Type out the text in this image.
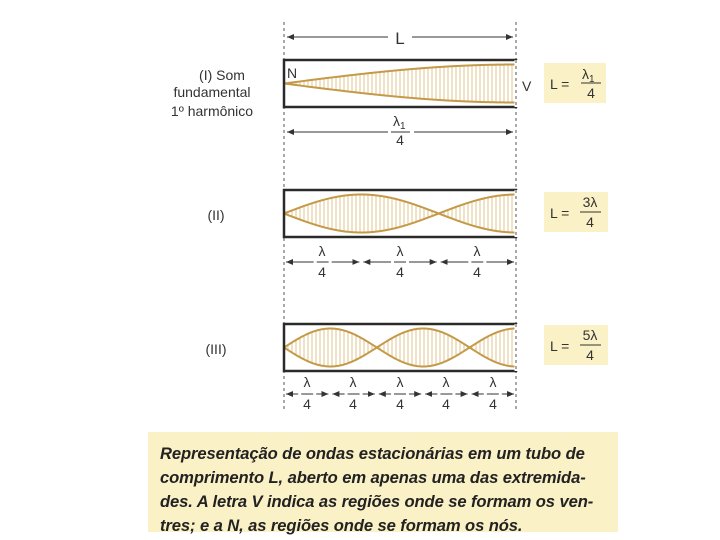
L
(I) Som
fundamental
1º harmônico
N
V L =
$\lambda_1$
4
$\lambda_1$
4
(II)	L =
3λ
4
λ
4
λ
4
λ
4
(III)	L =
5λ
4
λ
4
λ
4
λ
4
λ
4
λ
4
Representação de ondas estacionárias em um tubo de
comprimento L, aberto em apenas uma das extremida-
des. A letra V indica as regiões onde se formam os ven-
tres; e a N, as regiões onde se formam os nós.
